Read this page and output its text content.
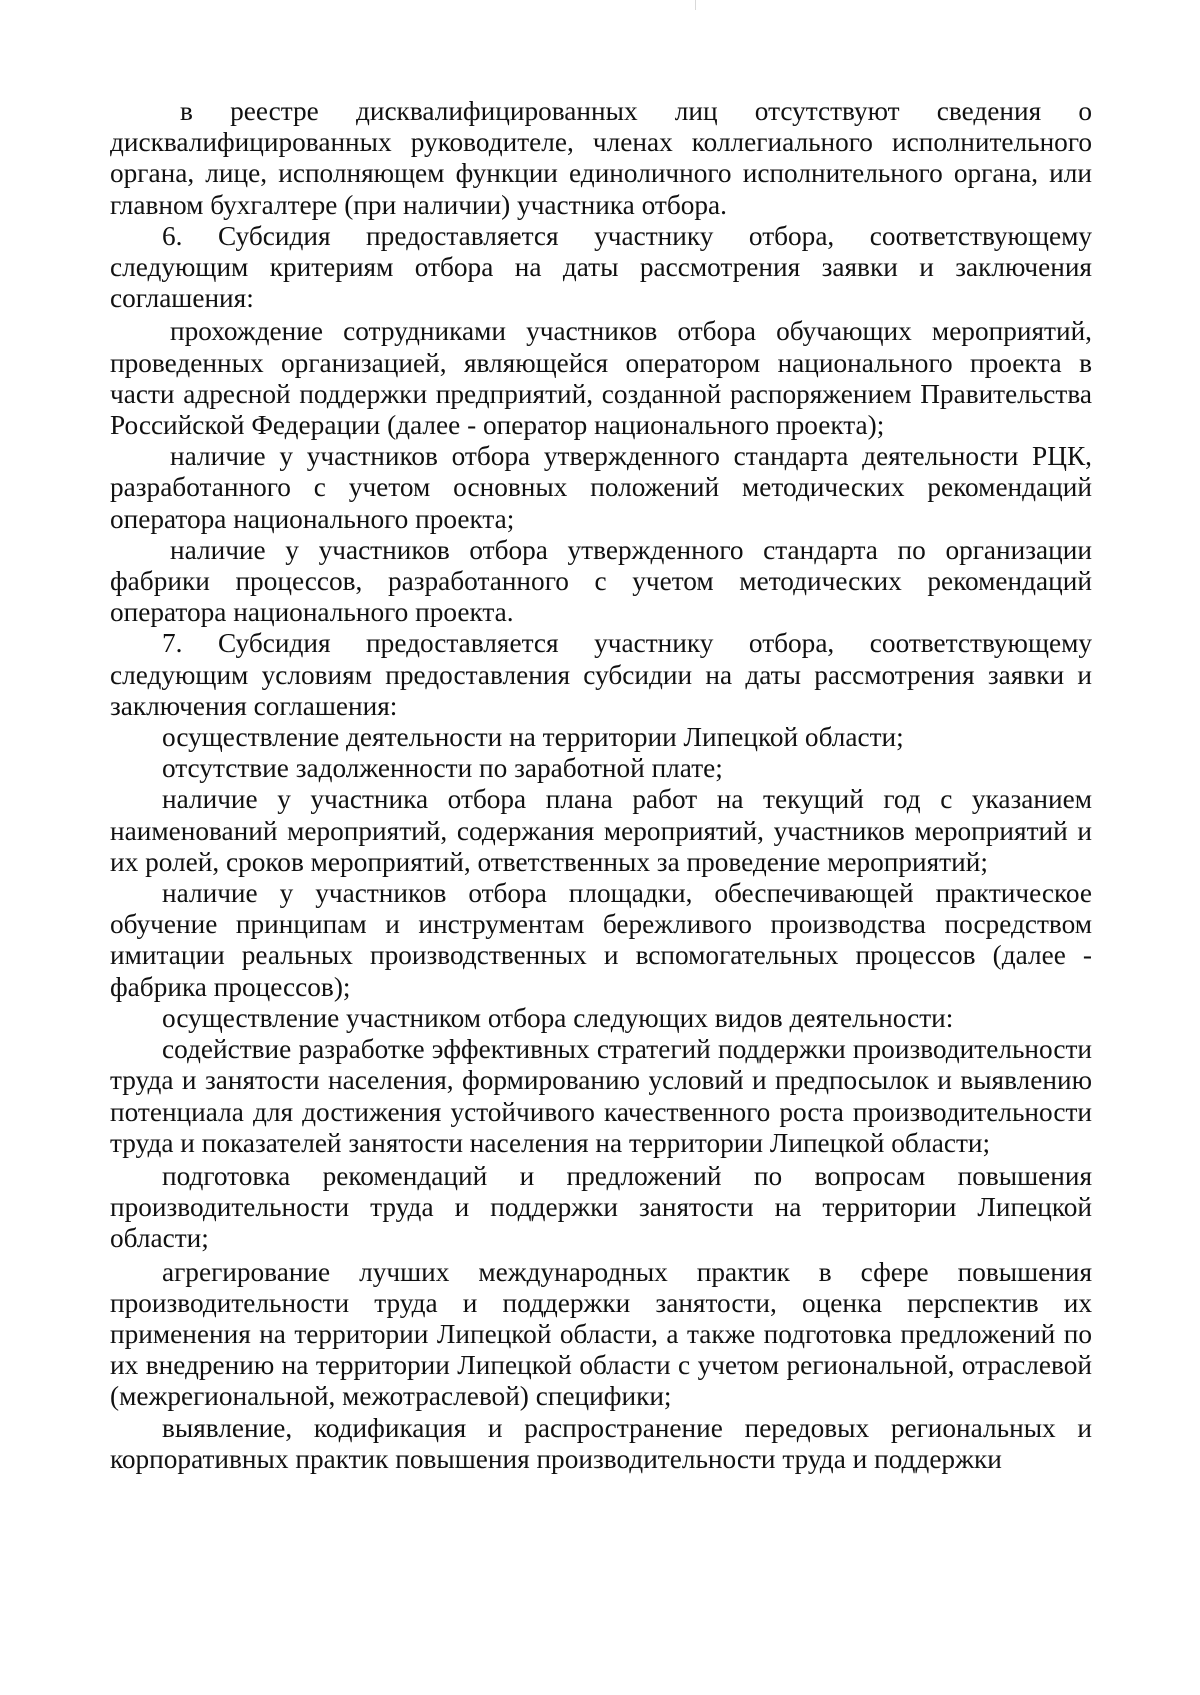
в реестре дисквалифицированных лиц отсутствуют сведения о дисквалифицированных руководителе, членах коллегиального исполнительного органа, лице, исполняющем функции единоличного исполнительного органа, или главном бухгалтере (при наличии) участника отбора.

6. Субсидия предоставляется участнику отбора, соответствующему следующим критериям отбора на даты рассмотрения заявки и заключения соглашения:

прохождение сотрудниками участников отбора обучающих мероприятий, проведенных организацией, являющейся оператором национального проекта в части адресной поддержки предприятий, созданной распоряжением Правительства Российской Федерации (далее - оператор национального проекта);

наличие у участников отбора утвержденного стандарта деятельности РЦК, разработанного с учетом основных положений методических рекомендаций оператора национального проекта;

наличие у участников отбора утвержденного стандарта по организации фабрики процессов, разработанного с учетом методических рекомендаций оператора национального проекта.

7. Субсидия предоставляется участнику отбора, соответствующему следующим условиям предоставления субсидии на даты рассмотрения заявки и заключения соглашения:

осуществление деятельности на территории Липецкой области;

отсутствие задолженности по заработной плате;

наличие у участника отбора плана работ на текущий год с указанием наименований мероприятий, содержания мероприятий, участников мероприятий и их ролей, сроков мероприятий, ответственных за проведение мероприятий;

наличие у участников отбора площадки, обеспечивающей практическое обучение принципам и инструментам бережливого производства посредством имитации реальных производственных и вспомогательных процессов (далее - фабрика процессов);

осуществление участником отбора следующих видов деятельности:

содействие разработке эффективных стратегий поддержки производительности труда и занятости населения, формированию условий и предпосылок и выявлению потенциала для достижения устойчивого качественного роста производительности труда и показателей занятости населения на территории Липецкой области;

подготовка рекомендаций и предложений по вопросам повышения производительности труда и поддержки занятости на территории Липецкой области;

агрегирование лучших международных практик в сфере повышения производительности труда и поддержки занятости, оценка перспектив их применения на территории Липецкой области, а также подготовка предложений по их внедрению на территории Липецкой области с учетом региональной, отраслевой (межрегиональной, межотраслевой) специфики;

выявление, кодификация и распространение передовых региональных и корпоративных практик повышения производительности труда и поддержки
